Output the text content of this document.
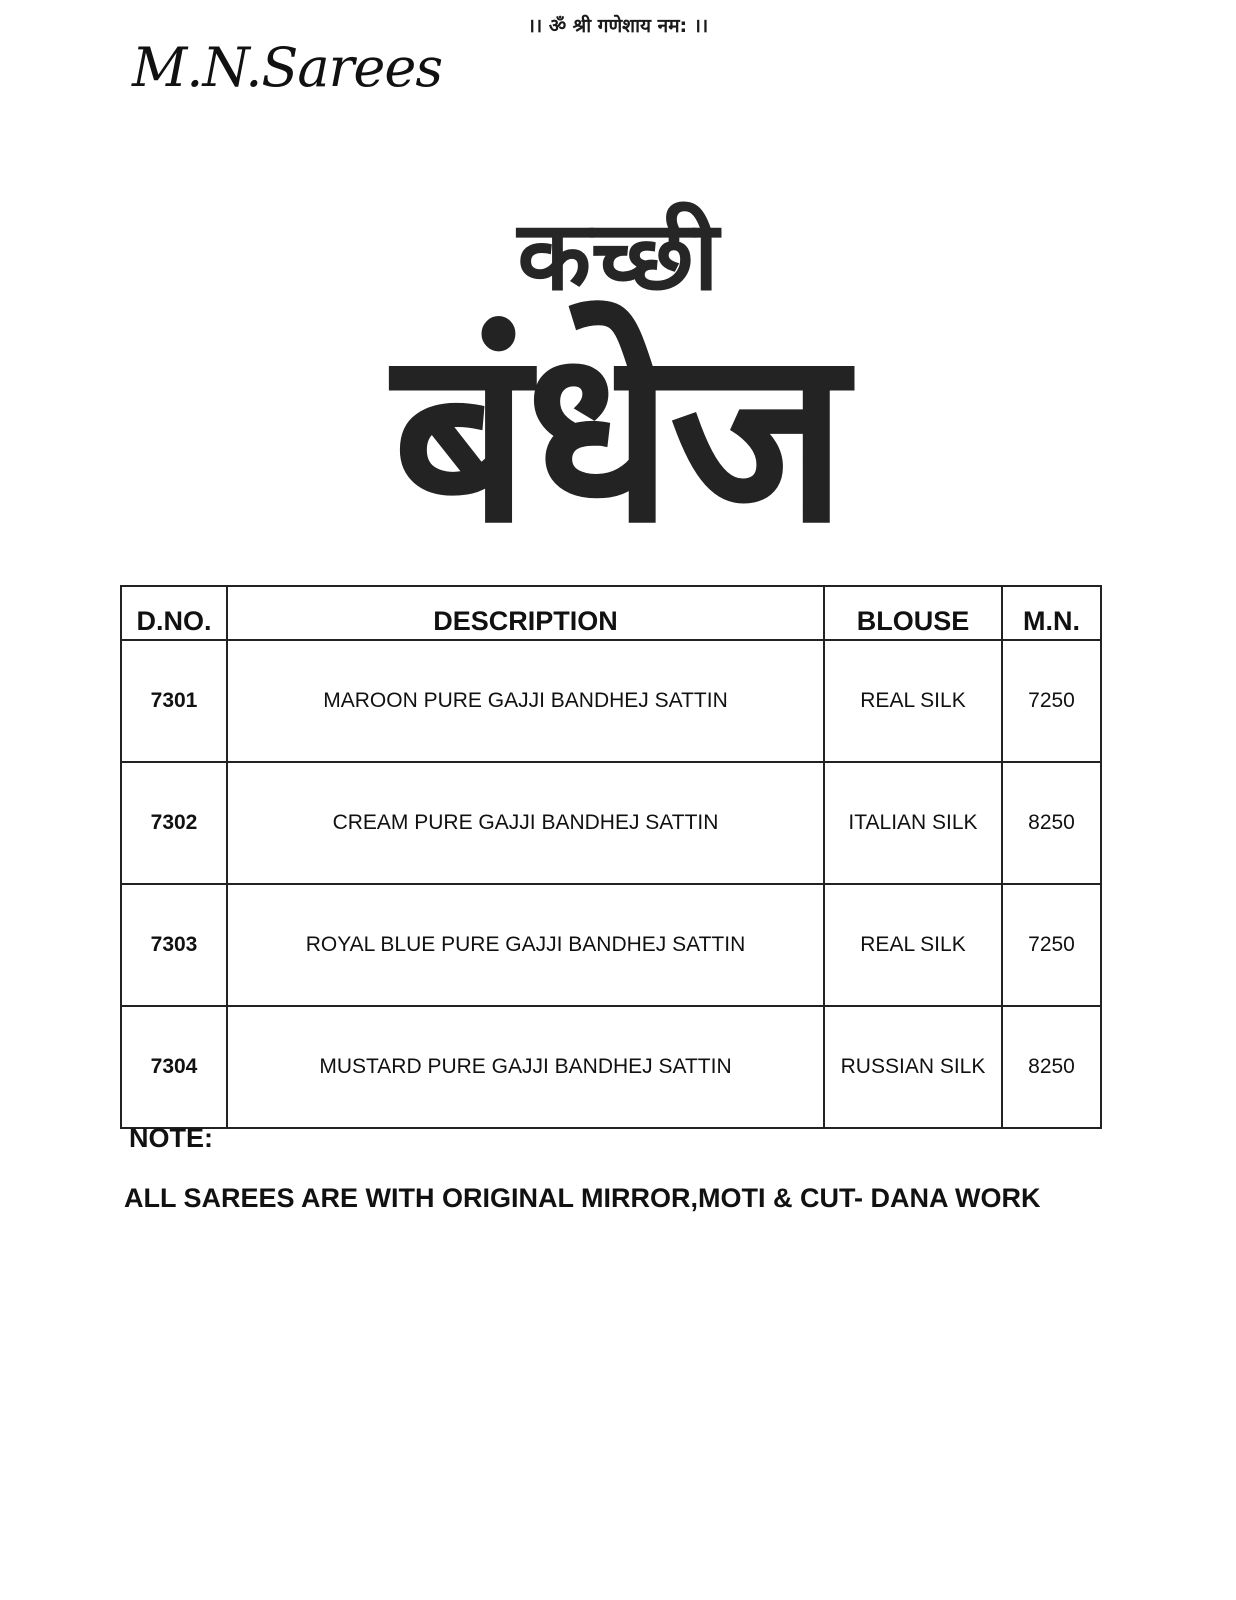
।। ॐ श्री गणेशाय नम: ।।
M.N.Sarees
कच्छी
बंधेज
D.NO.	DESCRIPTION	BLOUSE	M.N.
7301	MAROON PURE GAJJI BANDHEJ SATTIN	REAL SILK	7250
7302	CREAM PURE GAJJI BANDHEJ SATTIN	ITALIAN SILK	8250
7303	ROYAL BLUE PURE GAJJI BANDHEJ SATTIN	REAL SILK	7250
7304	MUSTARD PURE GAJJI BANDHEJ SATTIN	RUSSIAN SILK	8250
NOTE:
ALL SAREES ARE WITH ORIGINAL MIRROR,MOTI & CUT- DANA WORK
